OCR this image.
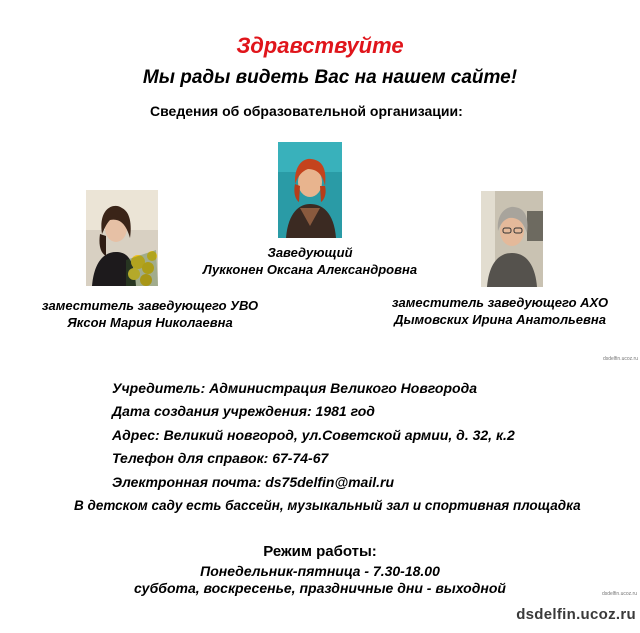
Здравствуйте
Мы рады видеть Вас на нашем сайте!
Сведения об образовательной организации:
Заведующий
Лукконен Оксана Александровна
заместитель заведующего УВО
Яксон Мария Николаевна
заместитель заведующего АХО
Дымовских Ирина Анатольевна
Учредитель: Администрация Великого Новгорода
Дата создания учреждения: 1981 год
Адрес: Великий новгород, ул.Советской армии, д. 32, к.2
Телефон для справок: 67-74-67
Электронная почта: ds75delfin@mail.ru
В детском саду есть бассейн, музыкальный зал и спортивная площадка
Режим работы:
Понедельник-пятница - 7.30-18.00
суббота, воскресенье, праздничные дни - выходной
dsdelfin.ucoz.ru
dsdelfin.ucoz.ru
dsdelfin.ucoz.ru
